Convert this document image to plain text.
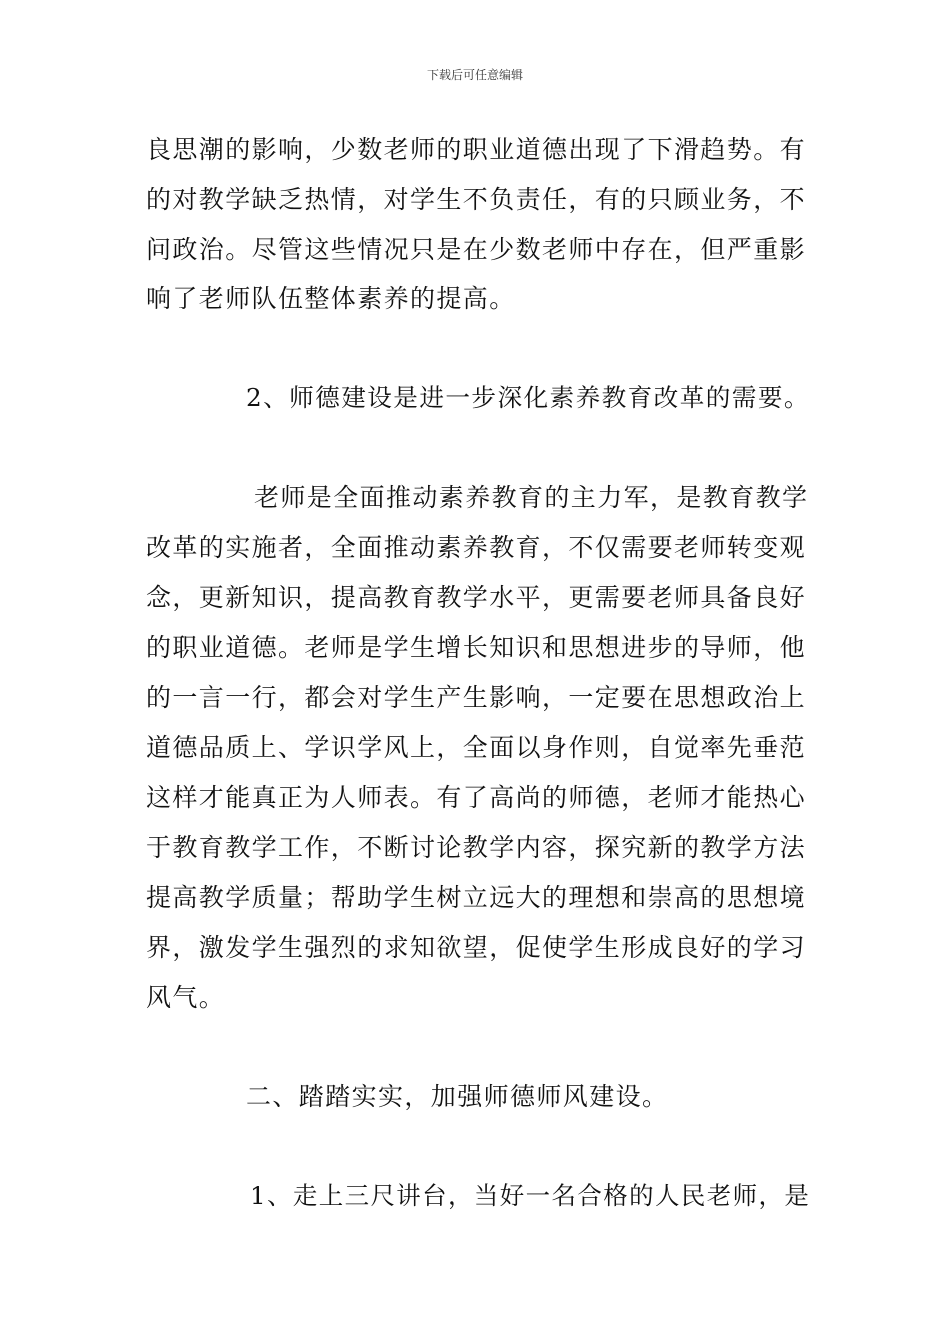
下载后可任意编辑
良思潮的影响，少数老师的职业道德出现了下滑趋势。有
的对教学缺乏热情，对学生不负责任，有的只顾业务，不
问政治。尽管这些情况只是在少数老师中存在，但严重影
响了老师队伍整体素养的提高。
2、师德建设是进一步深化素养教育改革的需要。
老师是全面推动素养教育的主力军，是教育教学
改革的实施者，全面推动素养教育，不仅需要老师转变观
念，更新知识，提高教育教学水平，更需要老师具备良好
的职业道德。老师是学生增长知识和思想进步的导师，他
的一言一行，都会对学生产生影响，一定要在思想政治上
道德品质上、学识学风上，全面以身作则，自觉率先垂范
这样才能真正为人师表。有了高尚的师德，老师才能热心
于教育教学工作，不断讨论教学内容，探究新的教学方法
提高教学质量；帮助学生树立远大的理想和崇高的思想境
界，激发学生强烈的求知欲望，促使学生形成良好的学习
风气。
二、踏踏实实，加强师德师风建设。
1、走上三尺讲台，当好一名合格的人民老师，是
